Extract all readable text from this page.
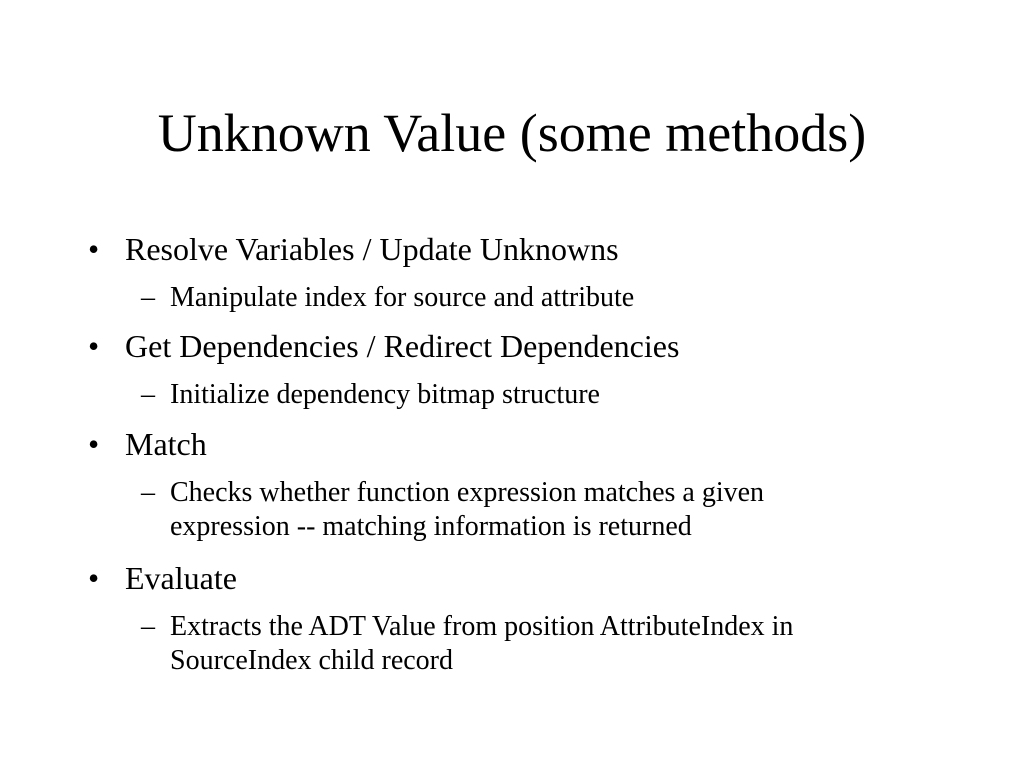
Unknown Value (some methods)
• Resolve Variables / Update Unknowns
– Manipulate index for source and attribute
• Get Dependencies / Redirect Dependencies
– Initialize dependency bitmap structure
• Match
– Checks whether function expression matches a given
expression -- matching information is returned
• Evaluate
– Extracts the ADT Value from position AttributeIndex in
SourceIndex child record
